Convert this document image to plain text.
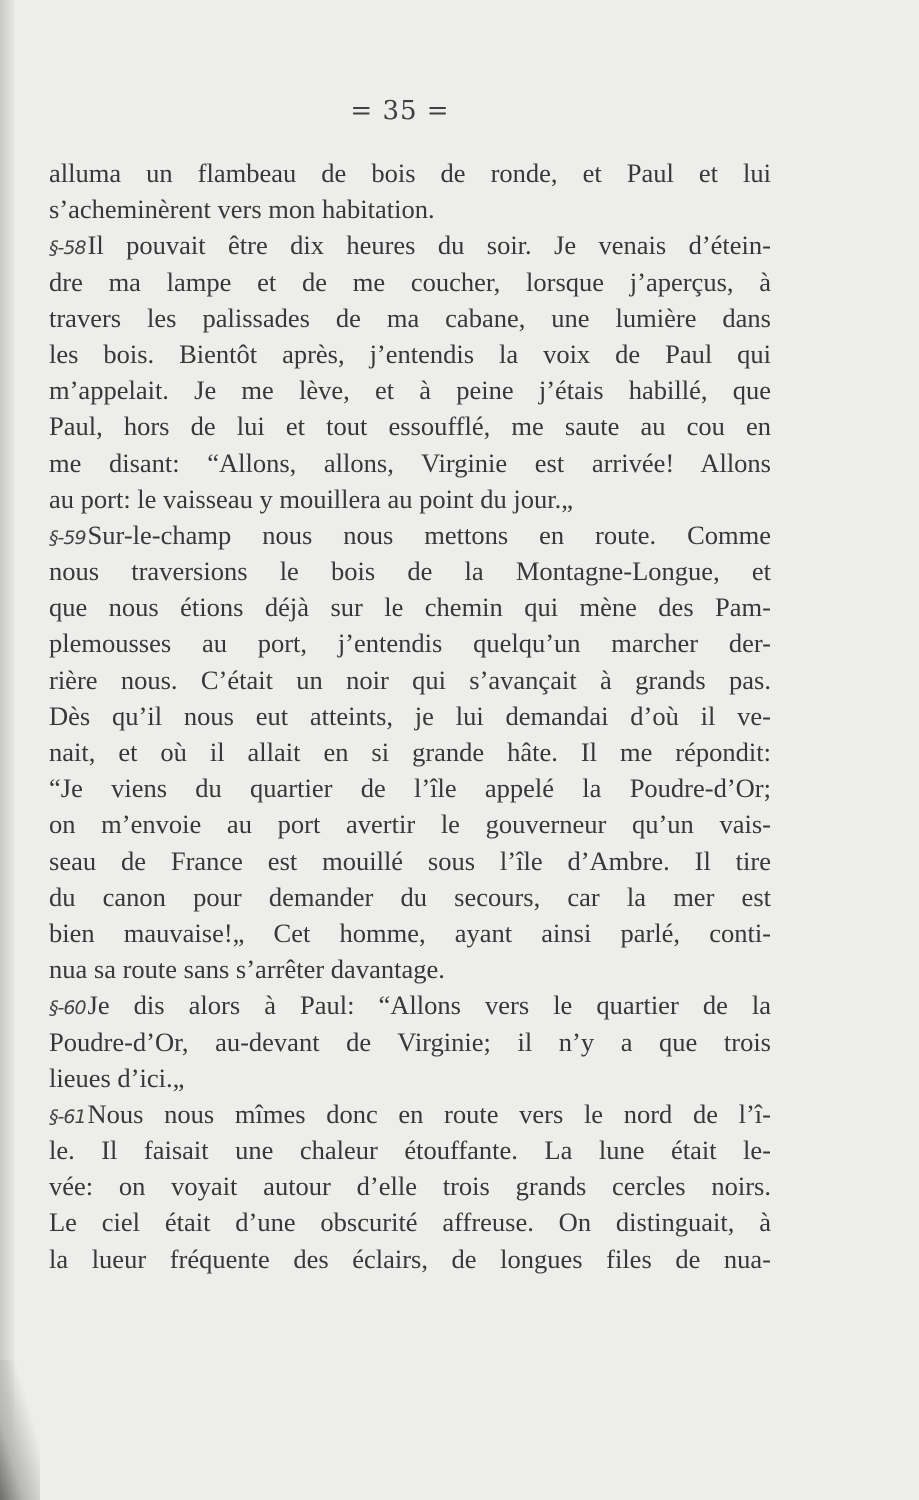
= 35 =
alluma un flambeau de bois de ronde, et Paul et lui
s’acheminèrent vers mon habitation.
§-58Il pouvait être dix heures du soir. Je venais d’étein-
dre ma lampe et de me coucher, lorsque j’aperçus, à
travers les palissades de ma cabane, une lumière dans
les bois. Bientôt après, j’entendis la voix de Paul qui
m’appelait. Je me lève, et à peine j’étais habillé, que
Paul, hors de lui et tout essoufflé, me saute au cou en
me disant: “Allons, allons, Virginie est arrivée! Allons
au port: le vaisseau y mouillera au point du jour.„
§-59Sur-le-champ nous nous mettons en route. Comme
nous traversions le bois de la Montagne-Longue, et
que nous étions déjà sur le chemin qui mène des Pam-
plemousses au port, j’entendis quelqu’un marcher der-
rière nous. C’était un noir qui s’avançait à grands pas.
Dès qu’il nous eut atteints, je lui demandai d’où il ve-
nait, et où il allait en si grande hâte. Il me répondit:
“Je viens du quartier de l’île appelé la Poudre-d’Or;
on m’envoie au port avertir le gouverneur qu’un vais-
seau de France est mouillé sous l’île d’Ambre. Il tire
du canon pour demander du secours, car la mer est
bien mauvaise!„ Cet homme, ayant ainsi parlé, conti-
nua sa route sans s’arrêter davantage.
§-60Je dis alors à Paul: “Allons vers le quartier de la
Poudre-d’Or, au-devant de Virginie; il n’y a que trois
lieues d’ici.„
§-61Nous nous mîmes donc en route vers le nord de l’î-
le. Il faisait une chaleur étouffante. La lune était le-
vée: on voyait autour d’elle trois grands cercles noirs.
Le ciel était d’une obscurité affreuse. On distinguait, à
la lueur fréquente des éclairs, de longues files de nua-
